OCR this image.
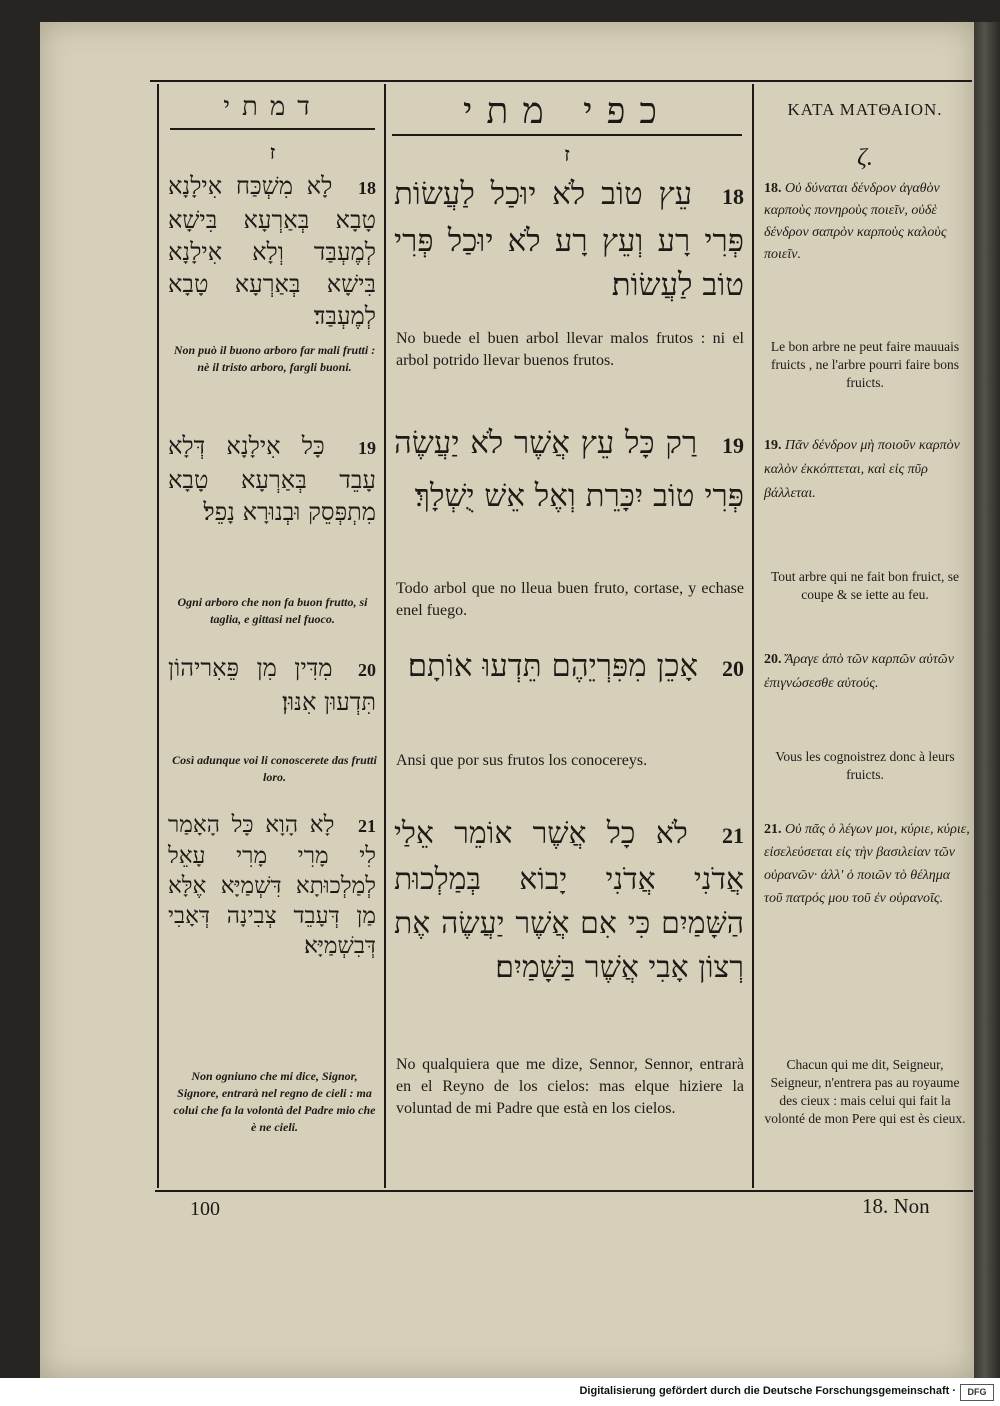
דמתי	כפי מתי	ΚΑΤΑ ΜΑΤΘΑΙΟΝ.
ז	ז	ζ.
18 לָא מִשְׁכַּח אִילָנָא טָבָא בְּאַרְעָא בִּישָׁא לְמֶעְבַּד וְלָא אִילָנָא בִּישָׁא בְּאַרְעָא טָבָא לְמֶעְבַּד׃
Non può il buono arboro far mali frutti : nè il tristo arboro, fargli buoni.
19 כָּל אִילָנָא דְּלָא עָבֵד בְּאַרְעָא טָבָא מִתְפְּסֵק וּבְנוּרָא נָפֵל׃
Ogni arboro che non fa buon frutto, si taglia, e gittasi nel fuoco.
20 מִדִּין מִן פֵּאִריהוֹן תִּדְעוּן אִנּוּן׃
Così adunque voi li conoscerete das frutti loro.
21 לָא הָוָא כָּל הָאָמַר לִי מָרִי מָרִי עָאֵל לְמַלְכוּתָא דִּשְׁמַיָּא אֶלָּא מַן דְּעָבֵד צְבִינָה דְּאָבִי דְּבִשְׁמַיָּא׃
Non ogniuno che mi dice, Signor, Signore, entrarà nel regno de cieli : ma colui che fa la volontà del Padre mio che è ne cieli.
18 עֵץ טוֹב לֹא יוּכַל לַעֲשׂוֹת פְּרִי רָע וְעֵץ רָע לֹא יוּכַל פְּרִי טוֹב לַעֲשׂוֹת׃
No buede el buen arbol llevar malos frutos : ni el arbol potrido llevar buenos frutos.
19 רַק כָּל עֵץ אֲשֶׁר לֹא יַעֲשֶׂה פְּרִי טוֹב יִכָּרֵת וְאֶל אֵשׁ יֻשְׁלָךְ׃
Todo arbol que no lleua buen fruto, cortase, y echase enel fuego.
20 אָכֵן מִפִּרְיֵהֶם תֵּדְעוּ אוֹתָם׃
Ansi que por sus frutos los conocereys.
21 לֹא כָל אֲשֶׁר אוֹמֵר אֵלַי אֲדֹנִי אֲדֹנִי יָבוֹא בְּמַלְכוּת הַשָּׁמַיִם כִּי אִם אֲשֶׁר יַעֲשֶׂה אֶת רְצוֹן אָבִי אֲשֶׁר בַּשָּׁמַיִם׃
No qualquiera que me dize, Sennor, Sennor, entrarà en el Reyno de los cielos: mas elque hiziere la voluntad de mi Padre que està en los cielos.
18. Οὐ δύναται δένδρον ἀγαθὸν καρποὺς πονηροὺς ποιεῖν, οὐδὲ δένδρον σαπρὸν καρποὺς καλοὺς ποιεῖν.
Le bon arbre ne peut faire mauuais fruicts , ne l'arbre pourri faire bons fruicts.
19. Πᾶν δένδρον μὴ ποιοῦν καρπὸν καλὸν ἐκκόπτεται, καὶ εἰς πῦρ βάλλεται.
Tout arbre qui ne fait bon fruict, se coupe & se iette au feu.
20. Ἄραγε ἀπὸ τῶν καρπῶν αὐτῶν ἐπιγνώσεσθε αὐτούς.
Vous les cognoistrez donc à leurs fruicts.
21. Οὐ πᾶς ὁ λέγων μοι, κύριε, κύριε, εἰσελεύσεται εἰς τὴν βασιλείαν τῶν οὐρανῶν· ἀλλ' ὁ ποιῶν τὸ θέλημα τοῦ πατρός μου τοῦ ἐν οὐρανοῖς.
Chacun qui me dit, Seigneur, Seigneur, n'entrera pas au royaume des cieux : mais celui qui fait la volonté de mon Pere qui est ès cieux.
100	18. Non
Digitalisierung gefördert durch die Deutsche Forschungsgemeinschaft ·	DFG
